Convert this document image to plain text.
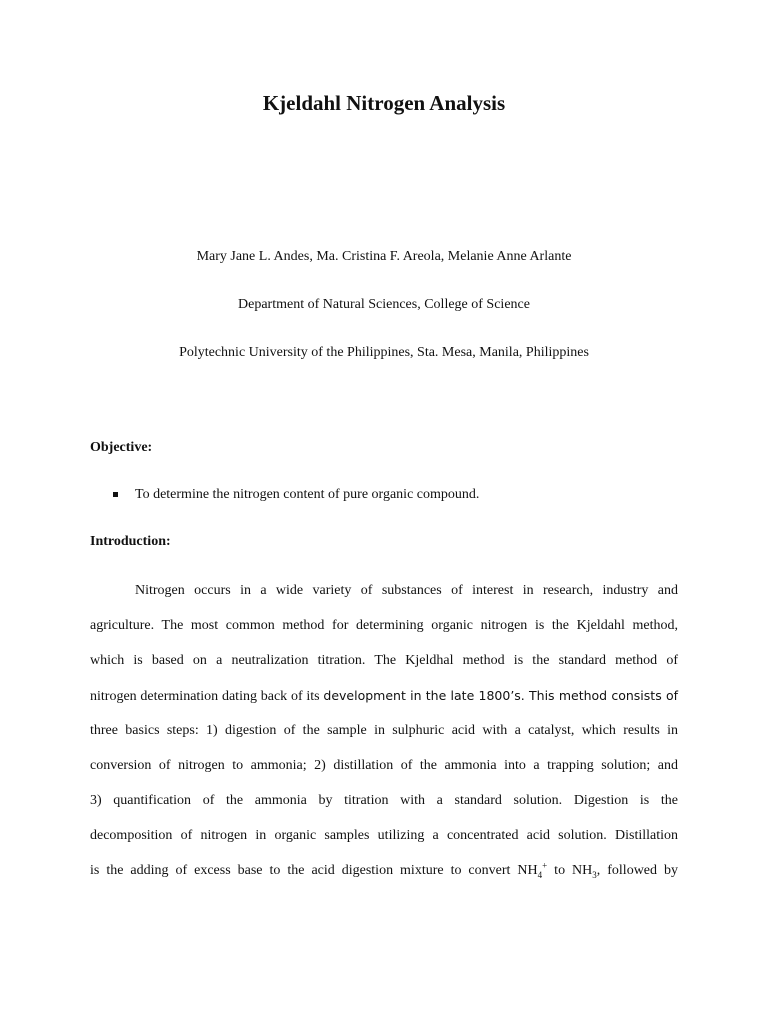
Kjeldahl Nitrogen Analysis
Mary Jane L. Andes, Ma. Cristina F. Areola, Melanie Anne Arlante
Department of Natural Sciences, College of Science
Polytechnic University of the Philippines, Sta. Mesa, Manila, Philippines
Objective:
To determine the nitrogen content of pure organic compound.
Introduction:
Nitrogen occurs in a wide variety of substances of interest in research, industry and
agriculture. The most common method for determining organic nitrogen is the Kjeldahl method,
which is based on a neutralization titration. The Kjeldhal method is the standard method of
nitrogen determination dating back of its development in the late 1800’s. This method consists of
three basics steps: 1) digestion of the sample in sulphuric acid with a catalyst, which results in
conversion of nitrogen to ammonia; 2) distillation of the ammonia into a trapping solution; and
3) quantification of the ammonia by titration with a standard solution. Digestion is the
decomposition of nitrogen in organic samples utilizing a concentrated acid solution. Distillation
is the adding of excess base to the acid digestion mixture to convert $NH_4^+$ to $NH_3$, followed by
